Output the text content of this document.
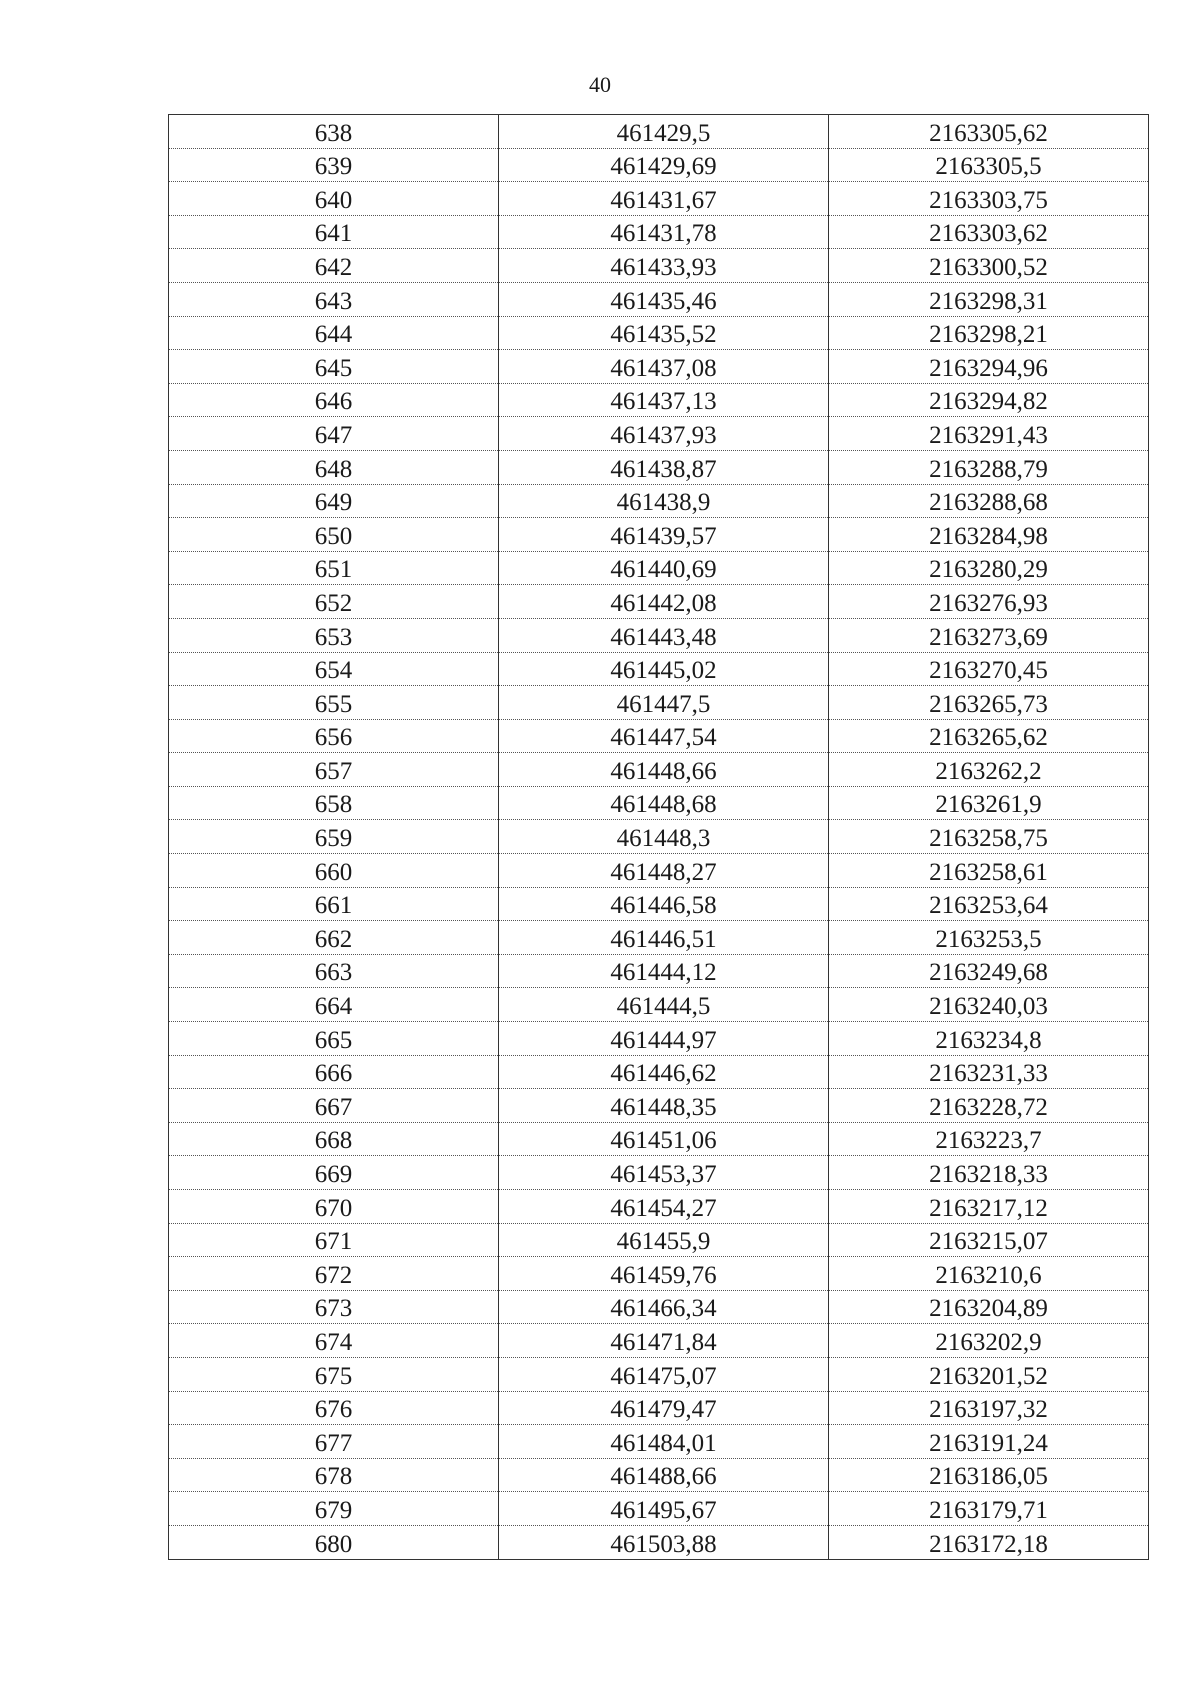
40
638	461429,5	2163305,62
639	461429,69	2163305,5
640	461431,67	2163303,75
641	461431,78	2163303,62
642	461433,93	2163300,52
643	461435,46	2163298,31
644	461435,52	2163298,21
645	461437,08	2163294,96
646	461437,13	2163294,82
647	461437,93	2163291,43
648	461438,87	2163288,79
649	461438,9	2163288,68
650	461439,57	2163284,98
651	461440,69	2163280,29
652	461442,08	2163276,93
653	461443,48	2163273,69
654	461445,02	2163270,45
655	461447,5	2163265,73
656	461447,54	2163265,62
657	461448,66	2163262,2
658	461448,68	2163261,9
659	461448,3	2163258,75
660	461448,27	2163258,61
661	461446,58	2163253,64
662	461446,51	2163253,5
663	461444,12	2163249,68
664	461444,5	2163240,03
665	461444,97	2163234,8
666	461446,62	2163231,33
667	461448,35	2163228,72
668	461451,06	2163223,7
669	461453,37	2163218,33
670	461454,27	2163217,12
671	461455,9	2163215,07
672	461459,76	2163210,6
673	461466,34	2163204,89
674	461471,84	2163202,9
675	461475,07	2163201,52
676	461479,47	2163197,32
677	461484,01	2163191,24
678	461488,66	2163186,05
679	461495,67	2163179,71
680	461503,88	2163172,18
